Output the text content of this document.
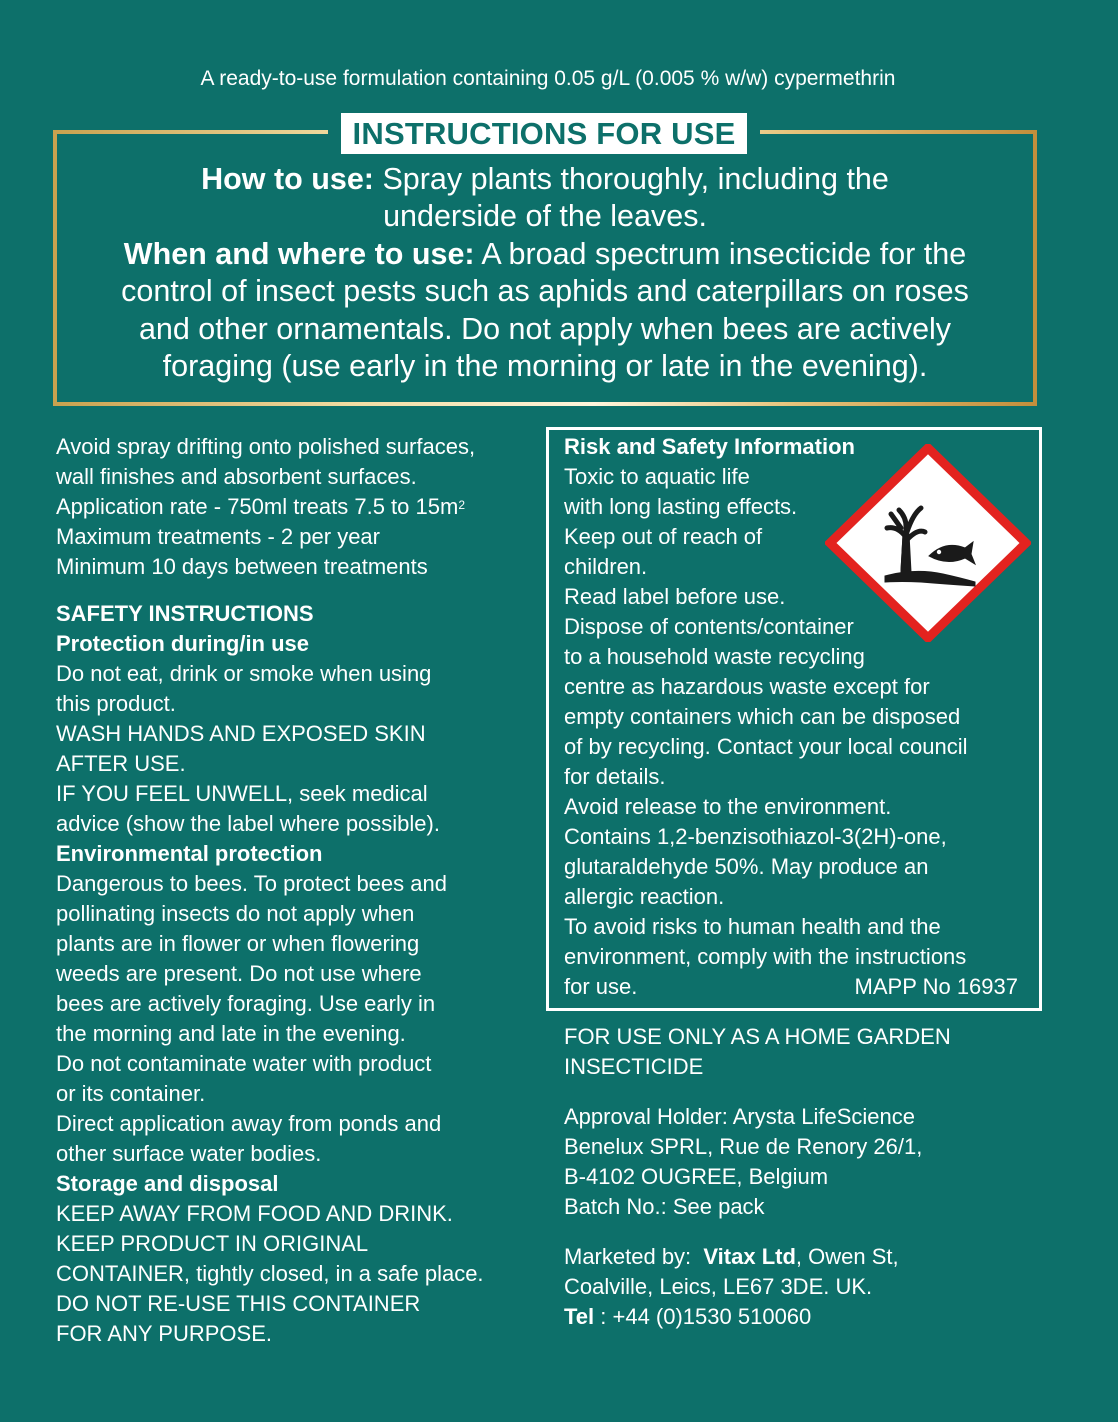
A ready-to-use formulation containing 0.05 g/L (0.005 % w/w) cypermethrin
INSTRUCTIONS FOR USE
How to use: Spray plants thoroughly, including the
underside of the leaves.
When and where to use: A broad spectrum insecticide for the
control of insect pests such as aphids and caterpillars on roses
and other ornamentals. Do not apply when bees are actively
foraging (use early in the morning or late in the evening).
Avoid spray drifting onto polished surfaces,
wall finishes and absorbent surfaces.
Application rate - 750ml treats 7.5 to $15m^2$
Maximum treatments - 2 per year
Minimum 10 days between treatments
SAFETY INSTRUCTIONS
Protection during/in use
Do not eat, drink or smoke when using
this product.
WASH HANDS AND EXPOSED SKIN
AFTER USE.
IF YOU FEEL UNWELL, seek medical
advice (show the label where possible).
Environmental protection
Dangerous to bees. To protect bees and
pollinating insects do not apply when
plants are in flower or when flowering
weeds are present. Do not use where
bees are actively foraging. Use early in
the morning and late in the evening.
Do not contaminate water with product
or its container.
Direct application away from ponds and
other surface water bodies.
Storage and disposal
KEEP AWAY FROM FOOD AND DRINK.
KEEP PRODUCT IN ORIGINAL
CONTAINER, tightly closed, in a safe place.
DO NOT RE-USE THIS CONTAINER
FOR ANY PURPOSE.
Risk and Safety Information
Toxic to aquatic life
with long lasting effects.
Keep out of reach of
children.
Read label before use.
Dispose of contents/container
to a household waste recycling
centre as hazardous waste except for
empty containers which can be disposed
of by recycling. Contact your local council
for details.
Avoid release to the environment.
Contains 1,2-benzisothiazol-3(2H)-one,
glutaraldehyde 50%. May produce an
allergic reaction.
To avoid risks to human health and the
environment, comply with the instructions
for use.	MAPP No 16937
FOR USE ONLY AS A HOME GARDEN
INSECTICIDE
Approval Holder: Arysta LifeScience
Benelux SPRL, Rue de Renory 26/1,
B-4102 OUGREE, Belgium
Batch No.: See pack
Marketed by:  Vitax Ltd, Owen St,
Coalville, Leics, LE67 3DE. UK.
Tel : +44 (0)1530 510060
